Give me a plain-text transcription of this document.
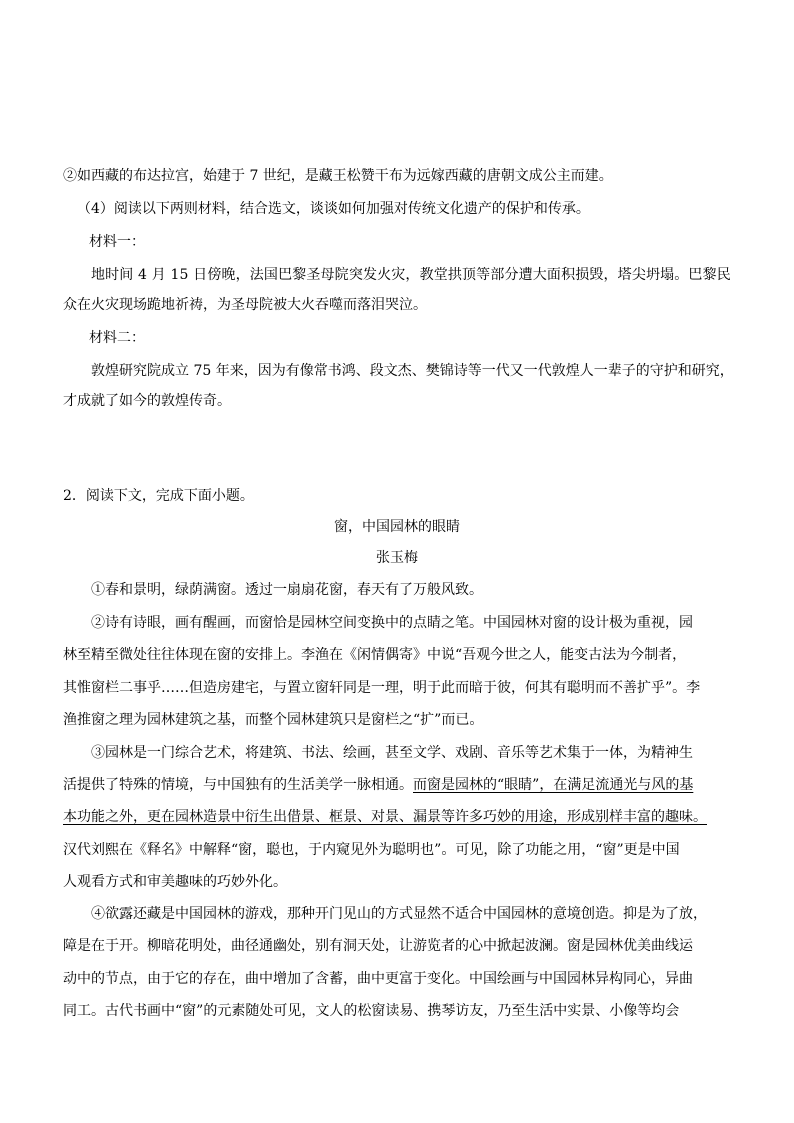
②如西藏的布达拉宫，始建于 7 世纪，是藏王松赞干布为远嫁西藏的唐朝文成公主而建。
（4）阅读以下两则材料，结合选文，谈谈如何加强对传统文化遗产的保护和传承。
材料一：
地时间 4 月 15 日傍晚，法国巴黎圣母院突发火灾，教堂拱顶等部分遭大面积损毁，塔尖坍塌。巴黎民
众在火灾现场跪地祈祷，为圣母院被大火吞噬而落泪哭泣。
材料二：
敦煌研究院成立 75 年来，因为有像常书鸿、段文杰、樊锦诗等一代又一代敦煌人一辈子的守护和研究，
才成就了如今的敦煌传奇。
2．阅读下文，完成下面小题。
窗，中国园林的眼睛
张玉梅
①春和景明，绿荫满窗。透过一扇扇花窗，春天有了万般风致。
②诗有诗眼，画有醒画，而窗恰是园林空间变换中的点睛之笔。中国园林对窗的设计极为重视，园
林至精至微处往往体现在窗的安排上。李渔在《闲情偶寄》中说“吾观今世之人，能变古法为今制者，
其惟窗栏二事乎……但造房建宅，与置立窗轩同是一理，明于此而暗于彼，何其有聪明而不善扩乎”。李
渔推窗之理为园林建筑之基，而整个园林建筑只是窗栏之“扩”而已。
③园林是一门综合艺术，将建筑、书法、绘画，甚至文学、戏剧、音乐等艺术集于一体，为精神生
活提供了特殊的情境，与中国独有的生活美学一脉相通。而窗是园林的“眼睛”，在满足流通光与风的基
本功能之外，更在园林造景中衍生出借景、框景、对景、漏景等许多巧妙的用途，形成别样丰富的趣味。
汉代刘熙在《释名》中解释“窗，聪也，于内窥见外为聪明也”。可见，除了功能之用，“窗”更是中国
人观看方式和审美趣味的巧妙外化。
④欲露还藏是中国园林的游戏，那种开门见山的方式显然不适合中国园林的意境创造。抑是为了放，
障是在于开。柳暗花明处，曲径通幽处，别有洞天处，让游览者的心中掀起波澜。窗是园林优美曲线运
动中的节点，由于它的存在，曲中增加了含蓄，曲中更富于变化。中国绘画与中国园林异构同心，异曲
同工。古代书画中“窗”的元素随处可见，文人的松窗读易、携琴访友，乃至生活中实景、小像等均会
